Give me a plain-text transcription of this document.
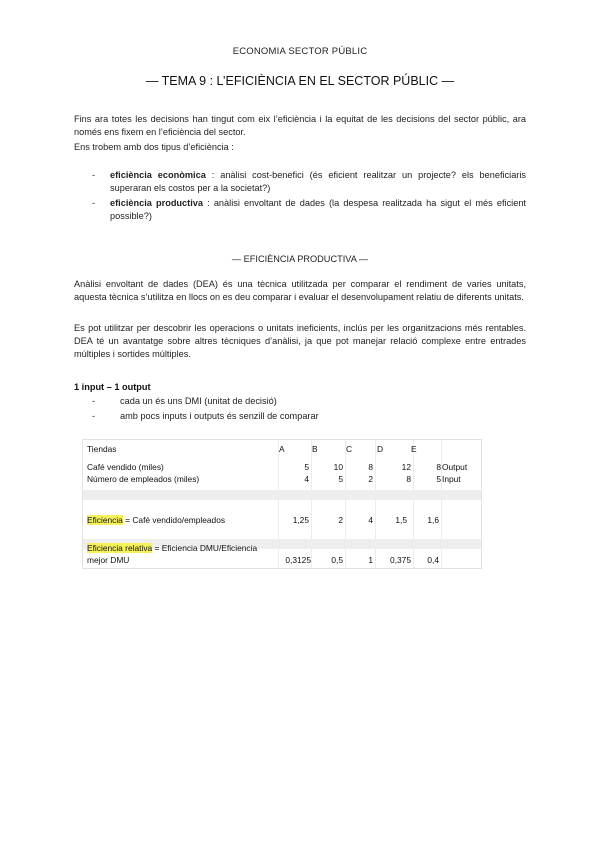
ECONOMIA SECTOR PÚBLIC
— TEMA 9 : L’EFICIÈNCIA EN EL SECTOR PÚBLIC —
Fins ara totes les decisions han tingut com eix l’eficiència i la equitat de les decisions del sector públic, ara només ens fixem en l’eficiència del sector.
Ens trobem amb dos tipus d’eficiència :
- eficiència econòmica : anàlisi cost-benefici (és eficient realitzar un projecte? els beneficiaris superaran els costos per a la societat?)
- eficiència productiva : anàlisi envoltant de dades (la despesa realitzada ha sigut el més eficient possible?)
— EFICIÈNCIA PRODUCTIVA —
Anàlisi envoltant de dades (DEA) és una tècnica utilitzada per comparar el rendiment de varies unitats, aquesta tècnica s’utilitza en llocs on es deu comparar i evaluar el desenvolupament relatiu de diferents unitats.
Es pot utilitzar per descobrir les operacions o unitats ineficients, inclús per les organitzacions més rentables. DEA té un avantatge sobre altres tècniques d’anàlisi, ja que pot manejar relació complexe entre entrades múltiples i sortides múltiples.
1 input – 1 output
-	cada un és uns DMI (unitat de decisió)
-	amb pocs inputs i outputs és senzill de comparar
Tiendas	A	B	C	D	E
Café vendido (miles)	5	10	8	12	8 Output
Número de empleados (miles)	4	5	2	8	5 Input
Eficiencia = Café vendido/empleados	1,25	2	4	1,5	1,6
Eficiencia relativa = Eficiencia DMU/Eficiencia
mejor DMU	0,3125	0,5	1	0,375	0,4
